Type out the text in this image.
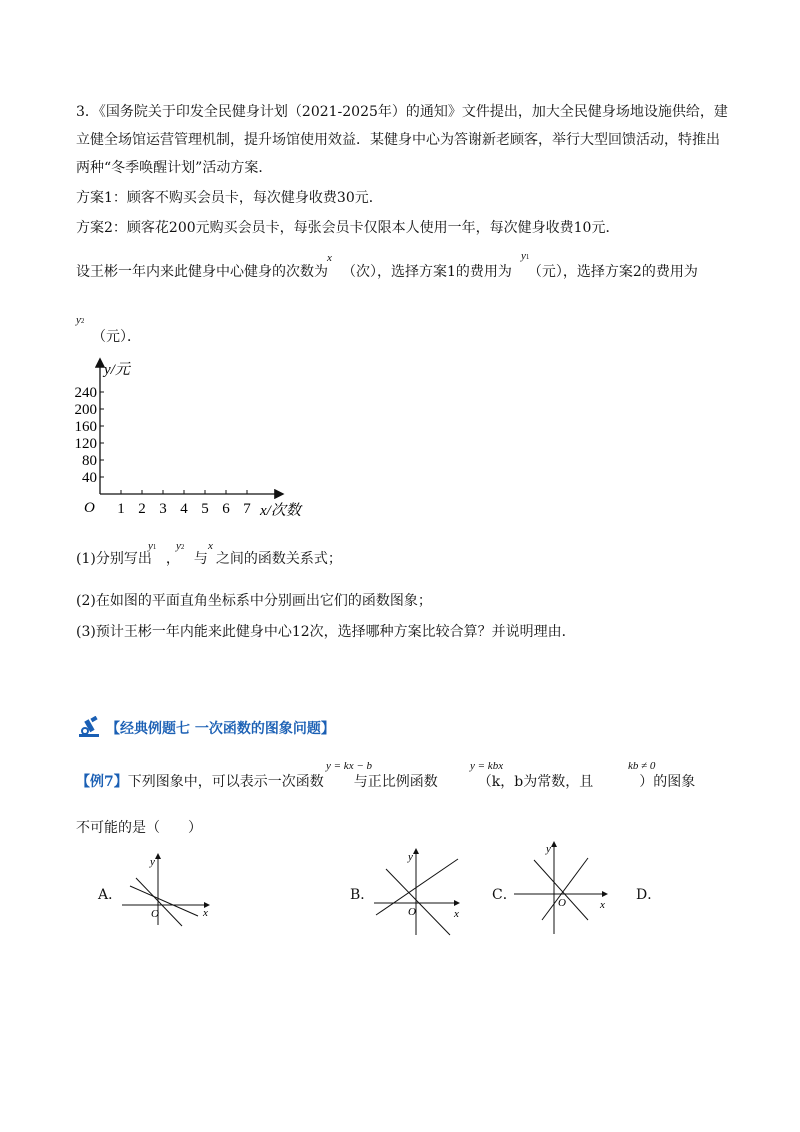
3．《国务院关于印发全民健身计划（2021-2025年）的通知》文件提出，加大全民健身场地设施供给，建
立健全场馆运营管理机制，提升场馆使用效益．某健身中心为答谢新老顾客，举行大型回馈活动，特推出
两种“冬季唤醒计划”活动方案．
方案1：顾客不购买会员卡，每次健身收费30元．
方案2：顾客花200元购买会员卡，每张会员卡仅限本人使用一年，每次健身收费10元．
设王彬一年内来此健身中心健身的次数为 （次），选择方案1的费用为 （元），选择方案2的费用为
x	y1
（元）．
y2
40
80
120
160
200
240
1 2 3 4 5 6 7
y/元
x/次数
O
(1)分别写出 ， 与 之间的函数关系式；
y1 y2 x
(2)在如图的平面直角坐标系中分别画出它们的函数图象；
(3)预计王彬一年内能来此健身中心12次，选择哪种方案比较合算？并说明理由．
【经典例题七 一次函数的图象问题】
【例7】下列图象中，可以表示一次函数 与正比例函数	（k，b为常数，且	）的图象
y = kx − b	y = kbx	kb ≠ 0
不可能的是（　　）
A．
y
x
O
B．
y
x
O
C．
y
x
O	D．
